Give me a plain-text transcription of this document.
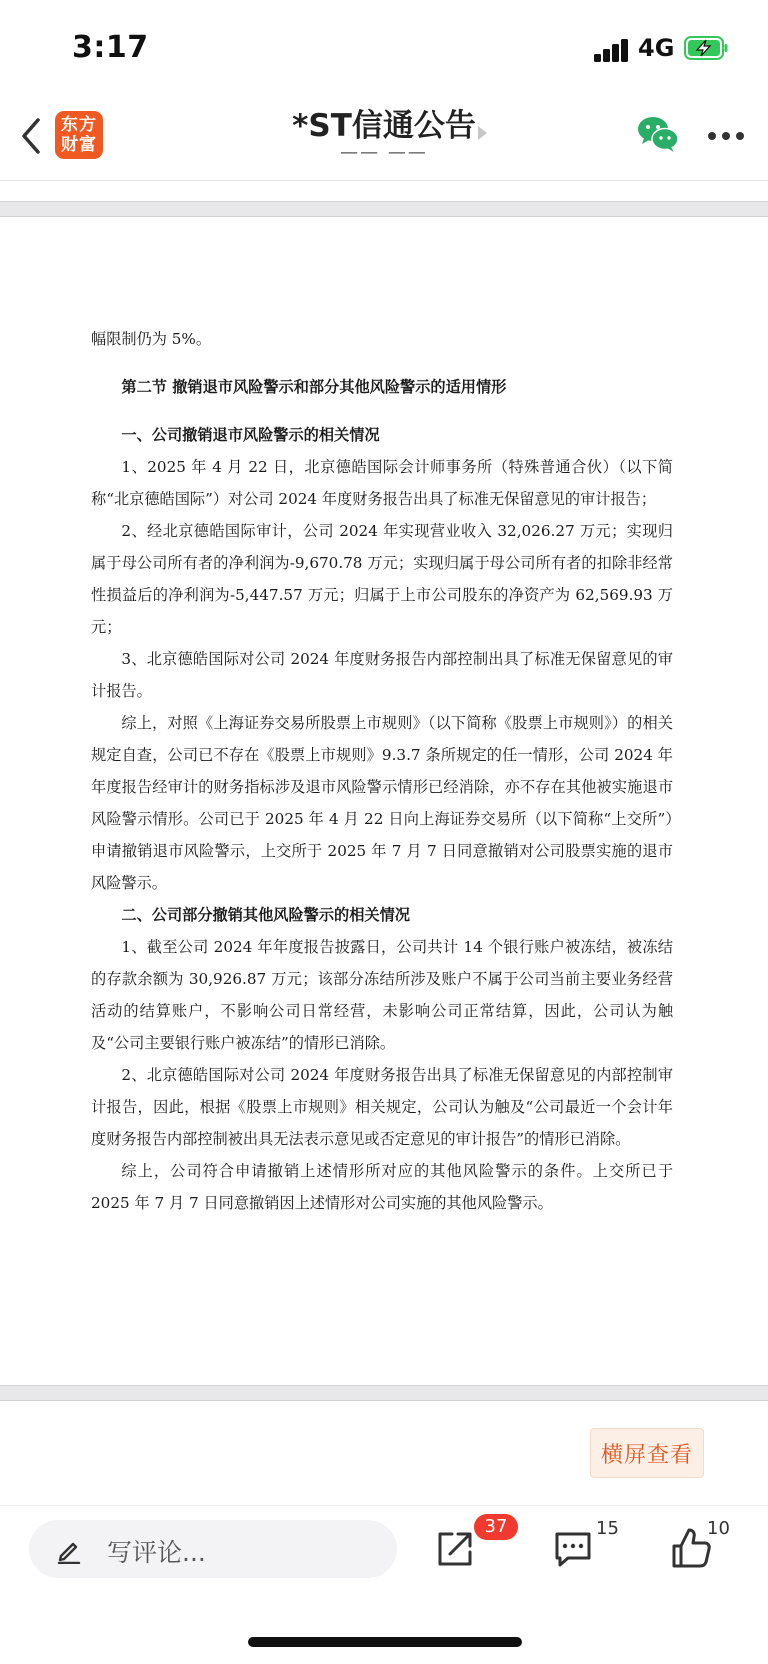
3:17	4G
东方
财富
*ST信通公告
—— ——

幅限制仍为 5%。

第二节 撤销退市风险警示和部分其他风险警示的适用情形

一、公司撤销退市风险警示的相关情况

1、2025 年 4 月 22 日，北京德皓国际会计师事务所（特殊普通合伙）（以下简称“北京德皓国际”）对公司 2024 年度财务报告出具了标准无保留意见的审计报告；

2、经北京德皓国际审计，公司 2024 年实现营业收入 32,026.27 万元；实现归属于母公司所有者的净利润为-9,670.78 万元；实现归属于母公司所有者的扣除非经常性损益后的净利润为-5,447.57 万元；归属于上市公司股东的净资产为 62,569.93 万元；

3、北京德皓国际对公司 2024 年度财务报告内部控制出具了标准无保留意见的审计报告。

综上，对照《上海证券交易所股票上市规则》（以下简称《股票上市规则》）的相关规定自查，公司已不存在《股票上市规则》9.3.7 条所规定的任一情形，公司 2024 年年度报告经审计的财务指标涉及退市风险警示情形已经消除，亦不存在其他被实施退市风险警示情形。公司已于 2025 年 4 月 22 日向上海证券交易所（以下简称“上交所”）申请撤销退市风险警示，上交所于 2025 年 7 月 7 日同意撤销对公司股票实施的退市风险警示。

二、公司部分撤销其他风险警示的相关情况

1、截至公司 2024 年年度报告披露日，公司共计 14 个银行账户被冻结，被冻结的存款余额为 30,926.87 万元；该部分冻结所涉及账户不属于公司当前主要业务经营活动的结算账户，不影响公司日常经营，未影响公司正常结算，因此，公司认为触及“公司主要银行账户被冻结”的情形已消除。

2、北京德皓国际对公司 2024 年度财务报告出具了标准无保留意见的内部控制审计报告，因此，根据《股票上市规则》相关规定，公司认为触及“公司最近一个会计年度财务报告内部控制被出具无法表示意见或否定意见的审计报告”的情形已消除。

综上，公司符合申请撤销上述情形所对应的其他风险警示的条件。上交所已于 2025 年 7 月 7 日同意撤销因上述情形对公司实施的其他风险警示。

横屏查看
写评论...
37	15	10
